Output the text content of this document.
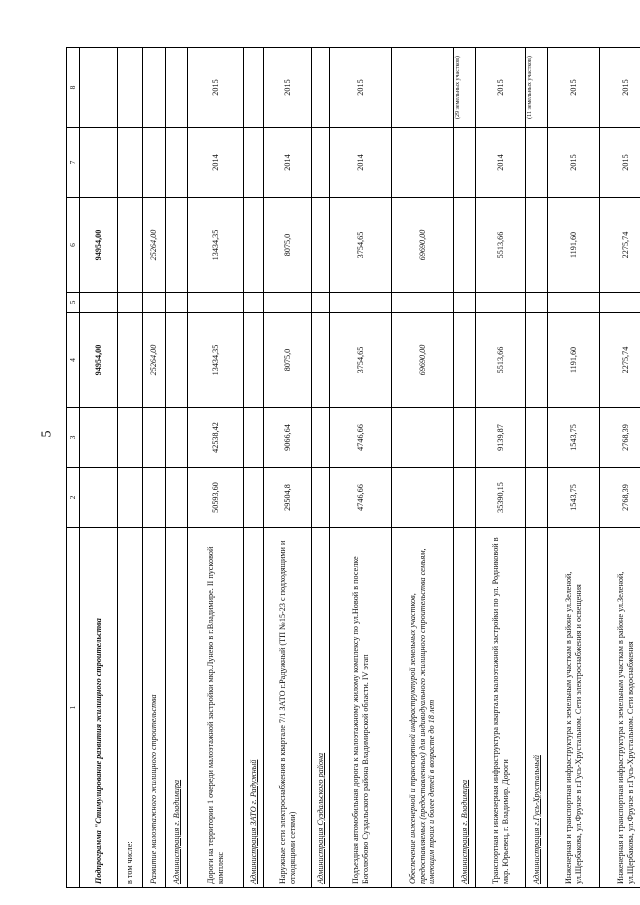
5
1	2	3	4	5	6	7	8
Подпрограмма "Стимулирование развития жилищного строительства			94954,00		94954,00		
в том числе:							
Развитие малоэтажного жилищного строительства			25264,00		25264,00		
Администрация г. Владимира							
Дороги на территории 1 очереди малоэтажной застройки мкр.Лунево в г.Владимире. II пусковой комплекс	50593,60	42538,42	13434,35		13434,35	2014	2015
Администрация ЗАТО г. Радужный							
Наружные сети электроснабжения в квартале 7/1 ЗАТО г.Радужный (ТП №15-23 с подходящими и отходящими сетями)	29504,8	9066,64	8075,0		8075,0	2014	2015
Администрация Суздальского района							
Подъездная автомобильная дорога к малоэтажному жилому комплексу по ул.Новой в поселке Боголюбово Суздальского района Владимирской области. IV этап	4746,66	4746,66	3754,65		3754,65	2014	2015
Обеспечение инженерной и транспортной инфраструктурой земельных участков, предоставляемых (предоставленных) для индивидуального жилищного строительства семьям, имеющим троих и более детей в возрасте до 18 лет			69690,00		69690,00		
Администрация г. Владимира							(29 земельных участков)
Транспортная и инженерная инфраструктура квартала малоэтажной застройки по ул. Родниковой в мкр. Юрьевец, г. Владимир. Дороги	35390,15	9139,87	5513,66		5513,66	2014	2015
Администрация г.Гусь-Хрустальный							(11 земельных участков)
Инженерная и транспортная инфраструктура к земельным участкам в районе ул.Зеленой, ул.Щербакова, ул.Фрунзе в г.Гусь-Хрустальном. Сети электроснабжения и освещения	1543,75	1543,75	1191,60		1191,60	2015	2015
Инженерная и транспортная инфраструктура к земельным участкам в районе ул.Зеленой, ул.Щербакова, ул.Фрунзе в г.Гусь-Хрустальном. Сети водоснабжения	2768,39	2768,39	2275,74		2275,74	2015	2015
